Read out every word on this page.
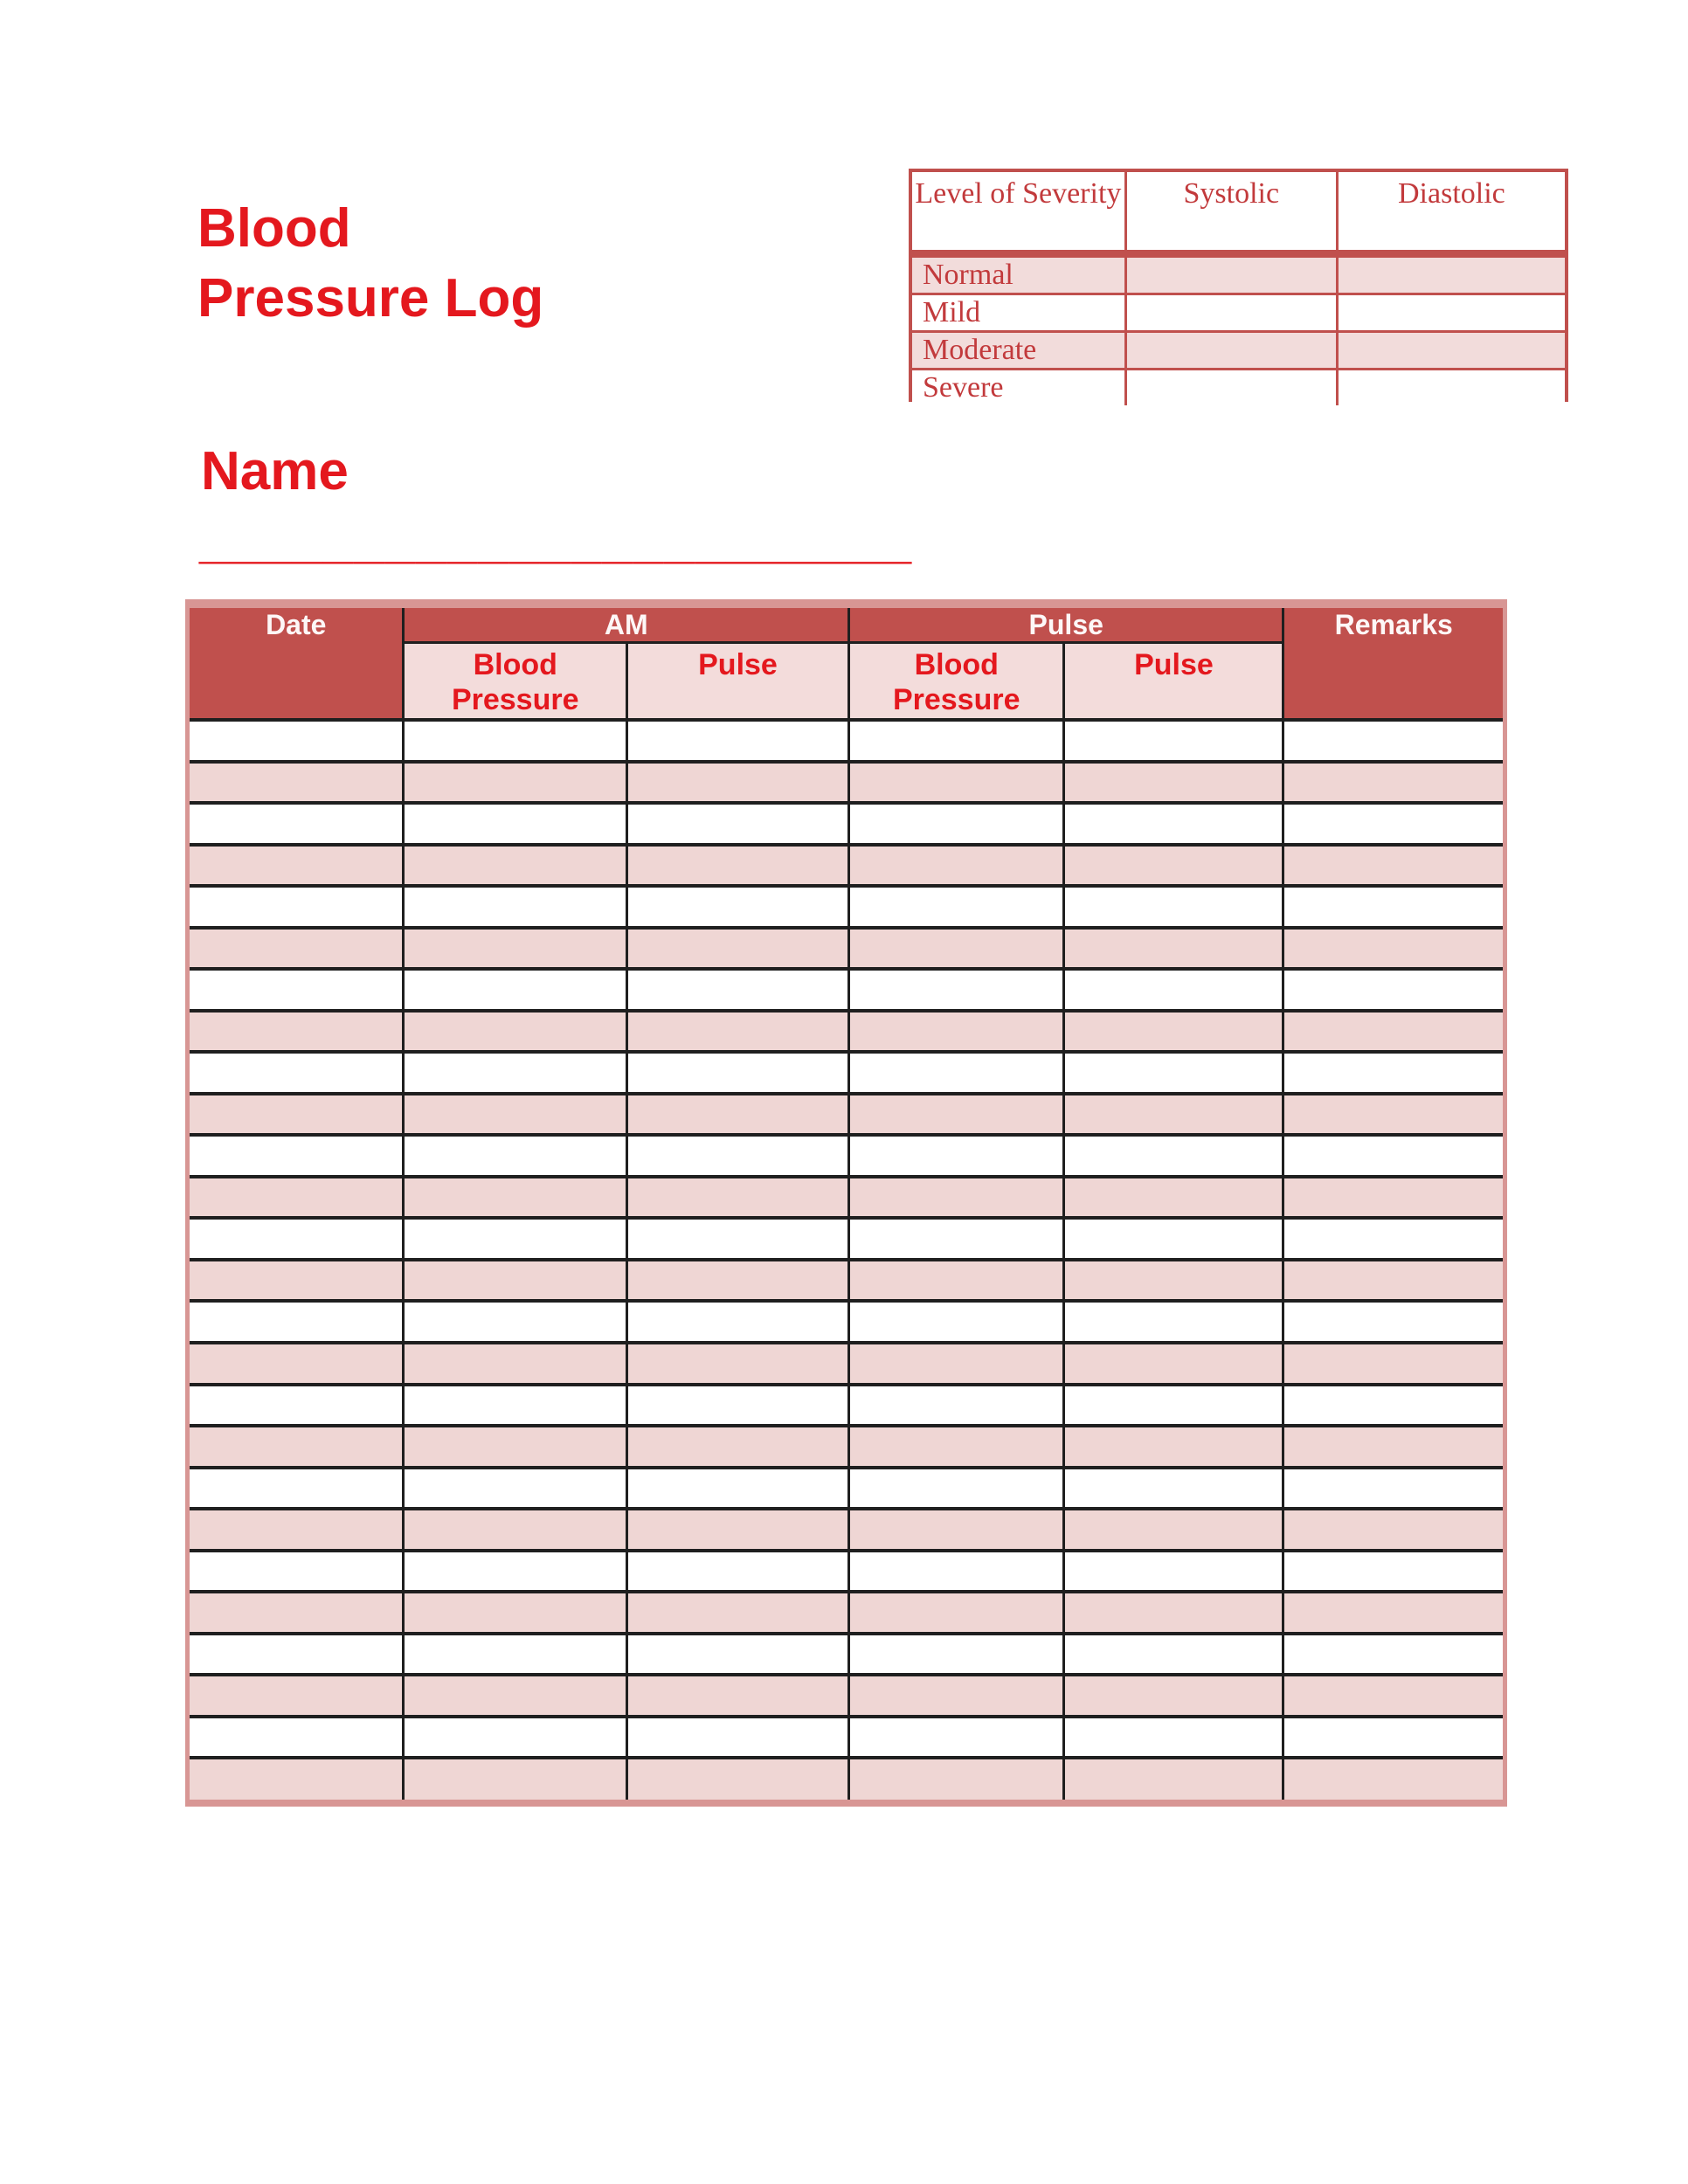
Blood
Pressure Log
Name
_______________________
Level of Severity	Systolic	Diastolic
Normal		
Mild		
Moderate		
Severe		
Date	AM		Pulse		Remarks
	Blood Pressure	Pulse	Blood Pressure	Pulse	
